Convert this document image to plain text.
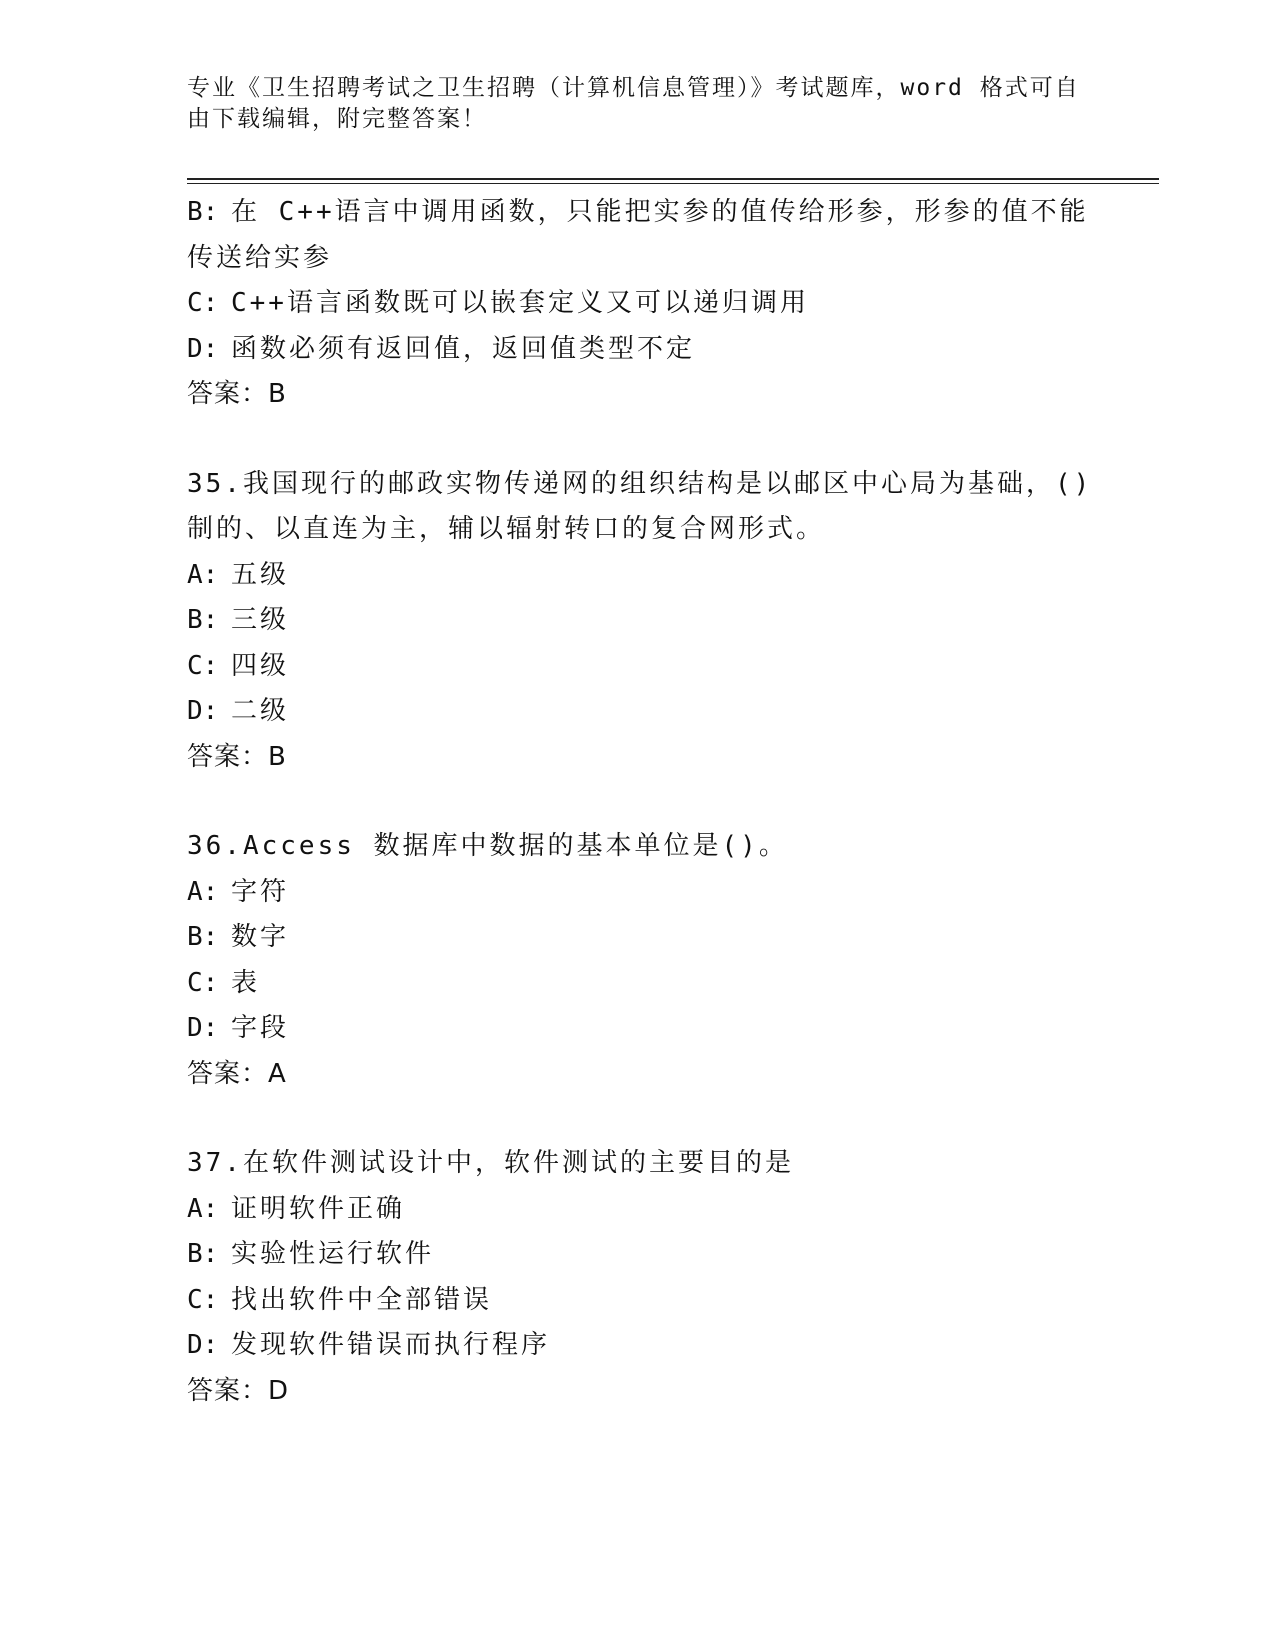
专业《卫生招聘考试之卫生招聘（计算机信息管理）》考试题库，word 格式可自
由下载编辑，附完整答案！
B: 在 C++语言中调用函数，只能把实参的值传给形参，形参的值不能
传送给实参
C: C++语言函数既可以嵌套定义又可以递归调用
D: 函数必须有返回值，返回值类型不定
答案：B
35.我国现行的邮政实物传递网的组织结构是以邮区中心局为基础，()
制的、以直连为主，辅以辐射转口的复合网形式。
A: 五级
B: 三级
C: 四级
D: 二级
答案：B
36.Access 数据库中数据的基本单位是()。
A: 字符
B: 数字
C: 表
D: 字段
答案：A
37.在软件测试设计中，软件测试的主要目的是
A: 证明软件正确
B: 实验性运行软件
C: 找出软件中全部错误
D: 发现软件错误而执行程序
答案：D
